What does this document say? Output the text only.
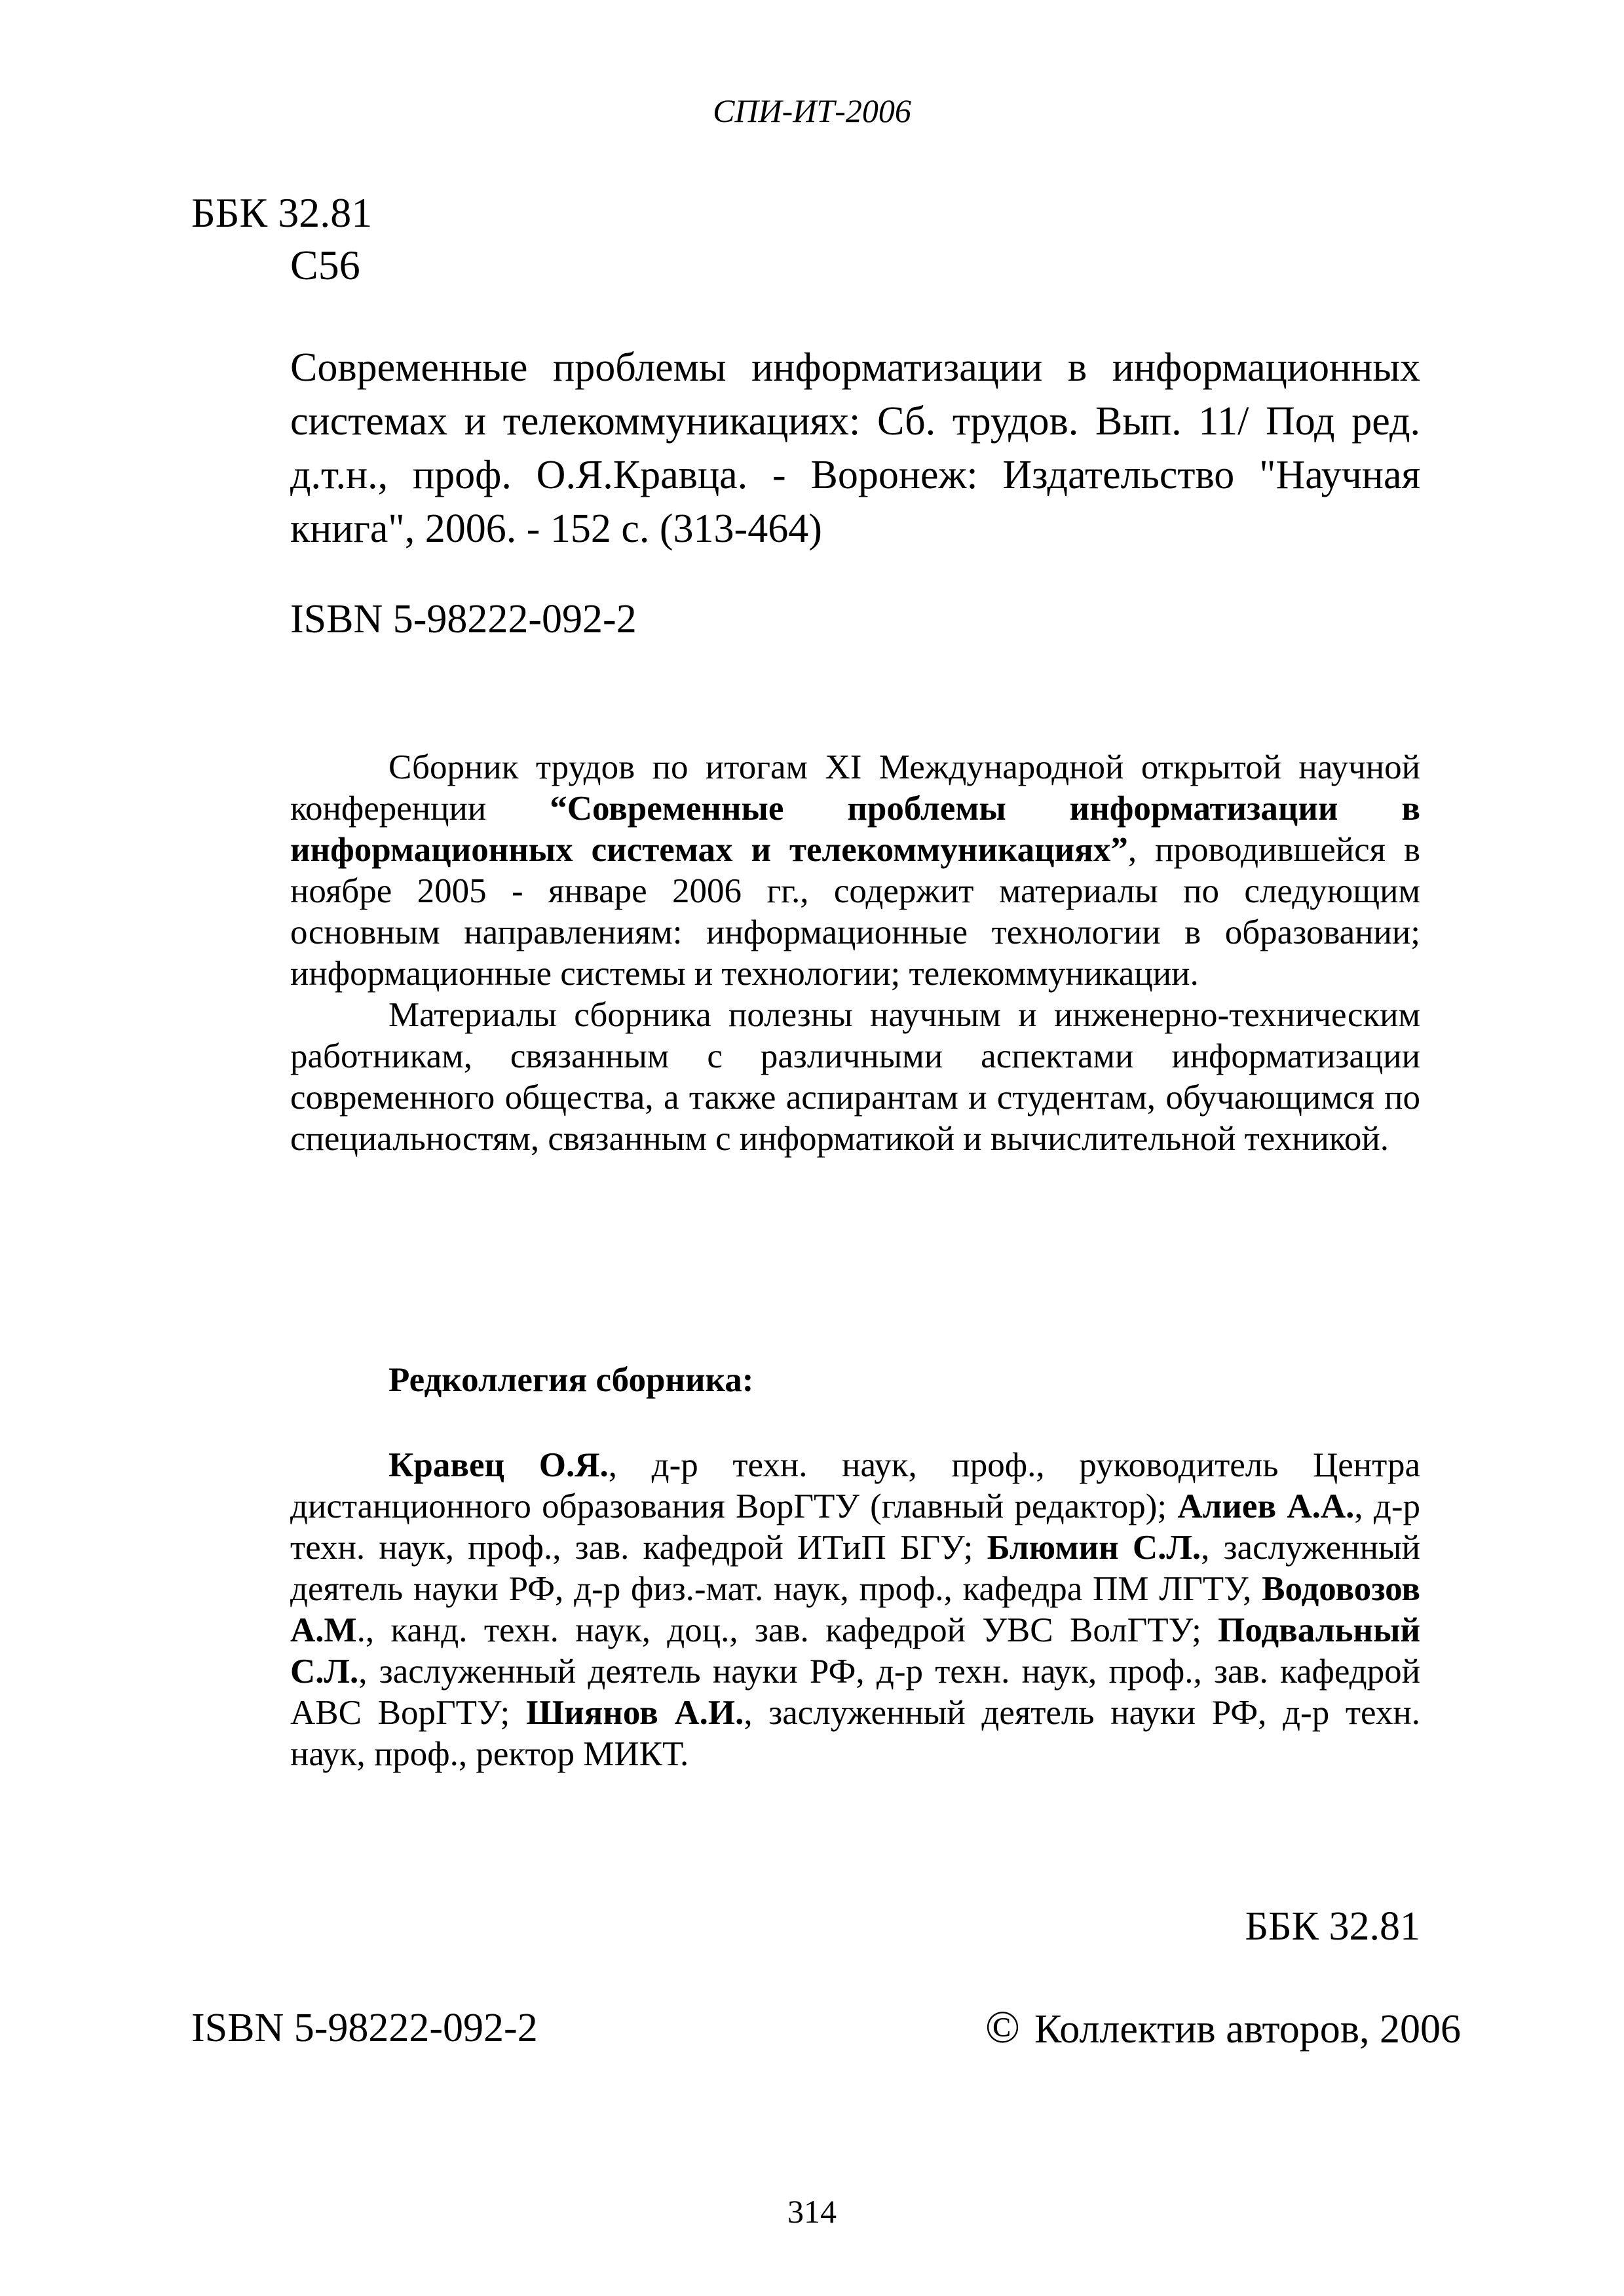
СПИ-ИТ-2006
ББК 32.81
С56
Современные проблемы информатизации в информационных системах и телекоммуникациях: Сб. трудов. Вып. 11/ Под ред. д.т.н., проф. О.Я.Кравца. - Воронеж: Издательство "Научная книга", 2006. - 152 с. (313-464)
ISBN 5-98222-092-2

Сборник трудов по итогам XI Международной открытой научной конференции “Современные проблемы информатизации в информационных системах и телекоммуникациях”, проводившейся в ноябре 2005 - январе 2006 гг., содержит материалы по следующим основным направлениям: информационные технологии в образовании; информационные системы и технологии; телекоммуникации.

Материалы сборника полезны научным и инженерно-техническим работникам, связанным с различными аспектами информатизации современного общества, а также аспирантам и студентам, обучающимся по специальностям, связанным с информатикой и вычислительной техникой.

Редколлегия сборника:
Кравец О.Я., д-р техн. наук, проф., руководитель Центра дистанционного образования ВорГТУ (главный редактор); Алиев А.А., д-р техн. наук, проф., зав. кафедрой ИТиП БГУ; Блюмин С.Л., заслуженный деятель науки РФ, д-р физ.-мат. наук, проф., кафедра ПМ ЛГТУ, Водовозов А.М., канд. техн. наук, доц., зав. кафедрой УВС ВолГТУ; Подвальный С.Л., заслуженный деятель науки РФ, д-р техн. наук, проф., зав. кафедрой АВС ВорГТУ; Шиянов А.И., заслуженный деятель науки РФ, д-р техн. наук, проф., ректор МИКТ.
ББК 32.81
ISBN 5-98222-092-2	© Коллектив авторов, 2006
314
